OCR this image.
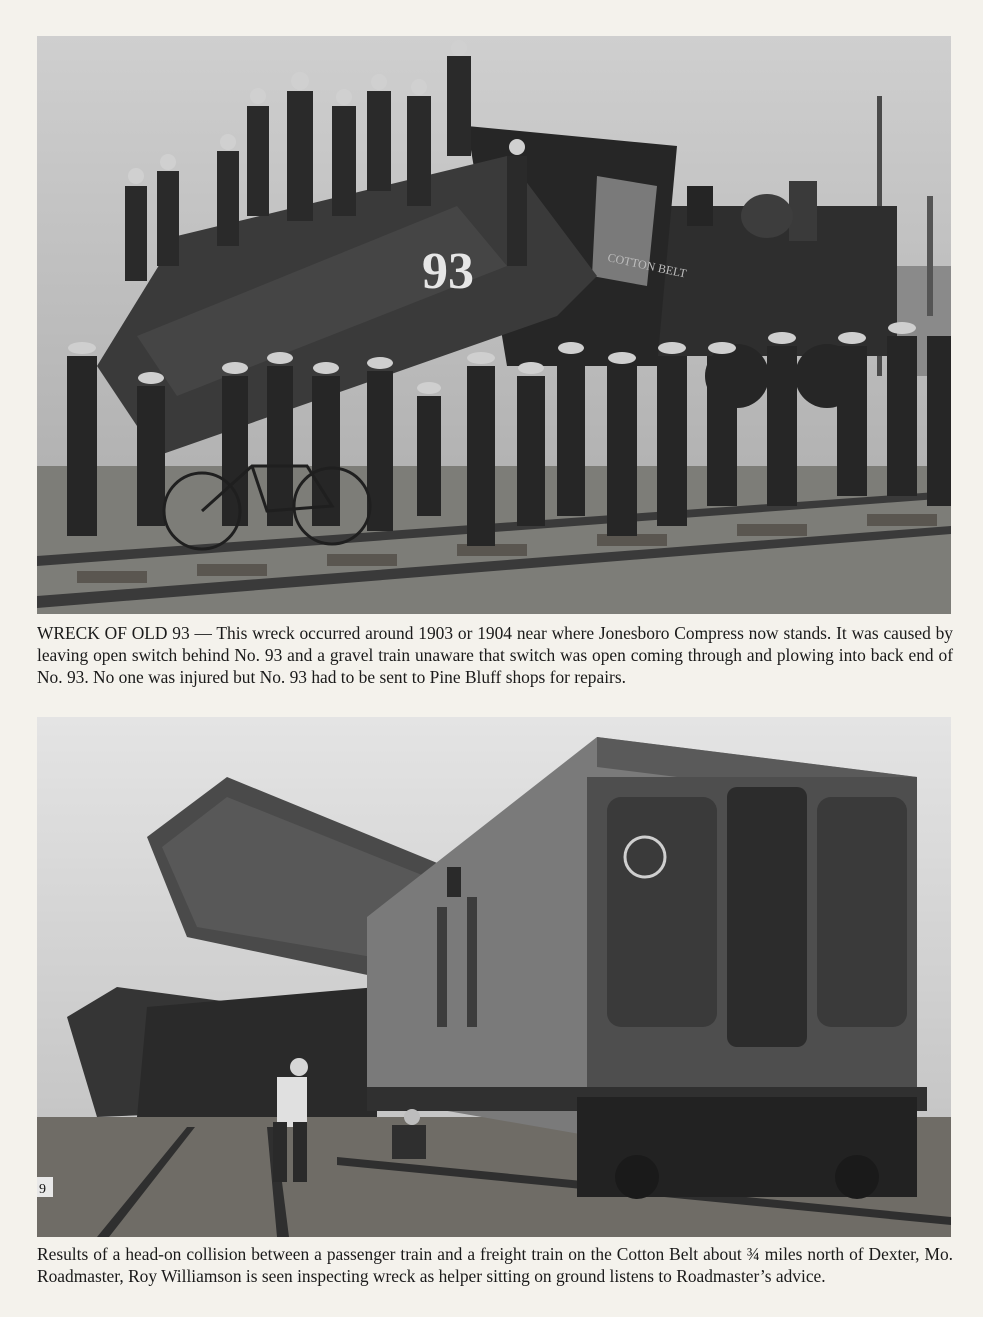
93	COTTON BELT

WRECK OF OLD 93 — This wreck occurred around 1903 or 1904 near where Jonesboro Compress now stands. It was caused by leaving open switch behind No. 93 and a gravel train unaware that switch was open coming through and plowing into back end of No. 93. No one was injured but No. 93 had to be sent to Pine Bluff shops for repairs.

9

Results of a head-on collision between a passenger train and a freight train on the Cotton Belt about ¾ miles north of Dexter, Mo. Roadmaster, Roy Williamson is seen inspecting wreck as helper sitting on ground listens to Roadmaster’s advice.
